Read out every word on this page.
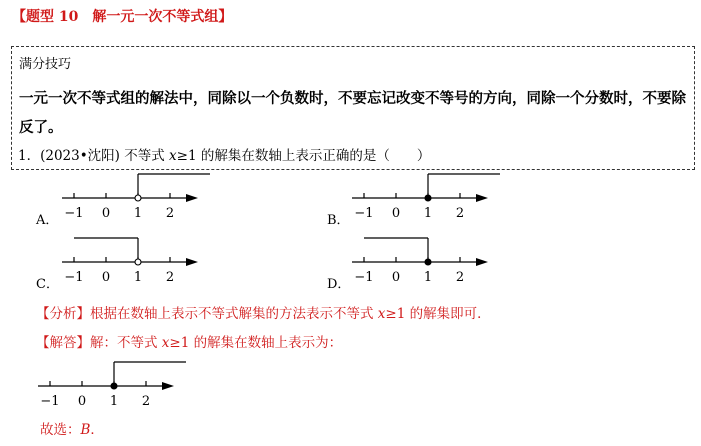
【题型 10　解一元一次不等式组】
满分技巧
一元一次不等式组的解法中，同除以一个负数时，不要忘记改变不等号的方向，同除一个分数时，不要除反了。
1．(2023•沈阳) 不等式 x≥1 的解集在数轴上表示正确的是（　　）
A． −1 0 1 2	B． −1 0 1 2
C． −1 0 1 2	D． −1 0 1 2
【分析】根据在数轴上表示不等式解集的方法表示不等式 x≥1 的解集即可．
【解答】解：不等式 x≥1 的解集在数轴上表示为：
−1 0 1 2
故选：B．
